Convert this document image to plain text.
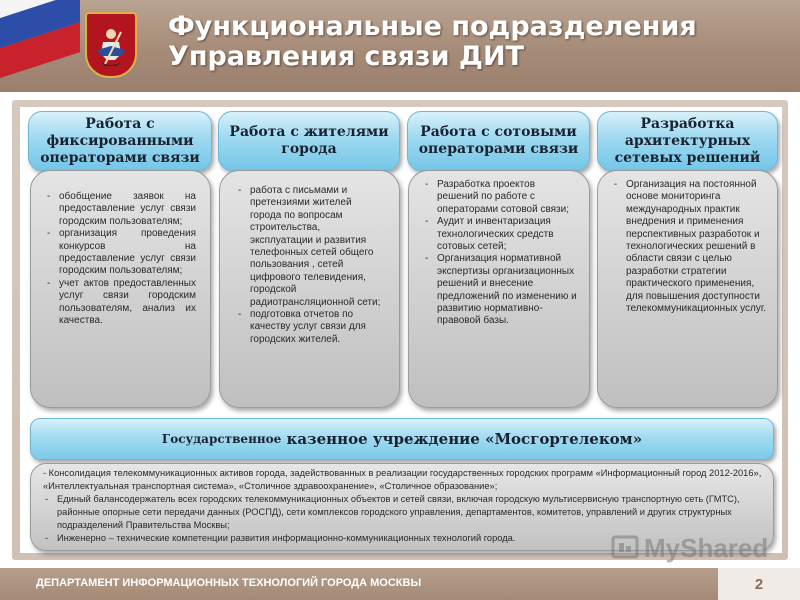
Функциональные подразделения
Управления связи ДИТ
Работа с фиксированными операторами связи
Работа с жителями города
Работа с сотовыми операторами связи
Разработка архитектурных сетевых решений
- обобщение заявок на предоставление услуг связи городским пользователям;
- организация проведения конкурсов на предоставление услуг связи городским пользователям;
- учет актов предоставленных услуг связи городским пользователям, анализ их качества.
- работа с письмами и претензиями жителей города по вопросам строительства, эксплуатации и развития телефонных сетей общего пользования , сетей цифрового телевидения, городской радиотрансляционной сети;
- подготовка отчетов по качеству услуг связи для городских жителей.
- Разработка проектов решений по работе с операторами сотовой связи;
- Аудит и инвентаризация технологических средств сотовых сетей;
- Организация нормативной экспертизы организационных решений и внесение предложений по изменению и развитию нормативно-правовой базы.
- Организация на постоянной основе мониторинга международных практик внедрения и применения перспективных разработок и технологических решений в области связи с целью разработки стратегии практического применения, для повышения доступности телекоммуникационных услуг.
Государственное казенное учреждение «Мосгортелеком»

- Консолидация телекоммуникационных активов города, задействованных в реализации государственных городских программ «Информационный город 2012-2016», «Интеллектуальная транспортная система», «Столичное здравоохранение», «Столичное образование»;

- Единый балансодержатель всех городских телекоммуникационных объектов и сетей связи, включая городскую мультисервисную транспортную сеть (ГМТС), районные опорные сети передачи данных (РОСПД), сети комплексов городского управления, департаментов, комитетов, управлений и других структурных подразделений Правительства Москвы;

- Инженерно – технические компетенции развития информационно-коммуникационных технологий города.	MyShared
ДЕПАРТАМЕНТ ИНФОРМАЦИОННЫХ ТЕХНОЛОГИЙ ГОРОДА МОСКВЫ	2
